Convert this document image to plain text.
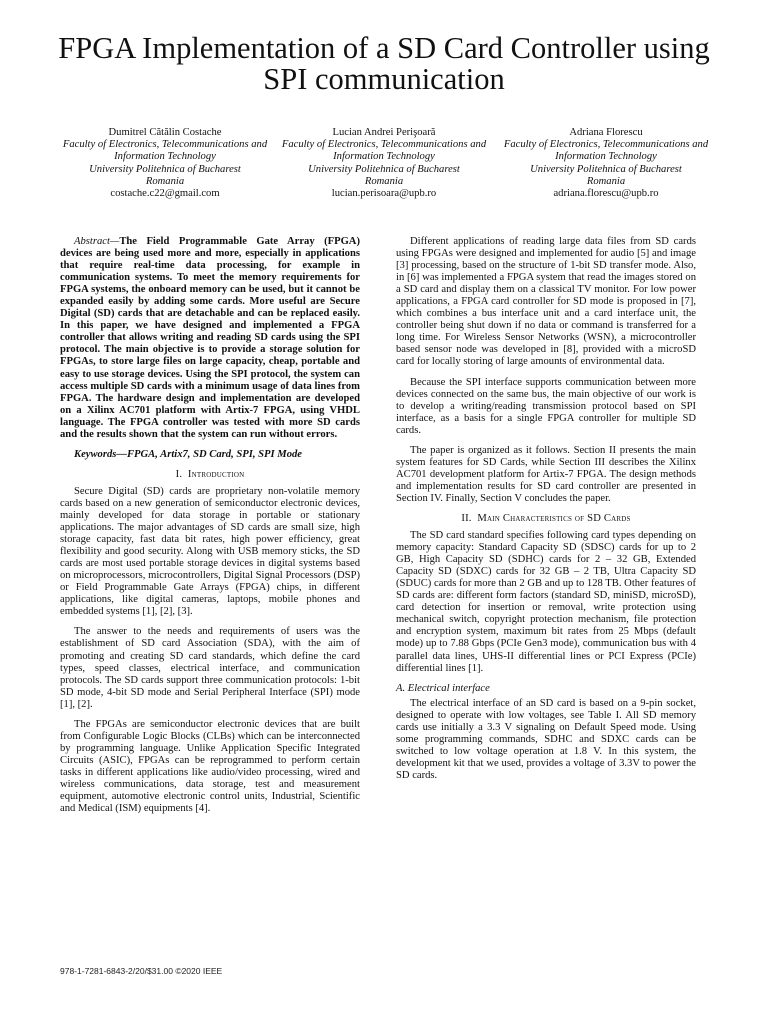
FPGA Implementation of a SD Card Controller using SPI communication
Dumitrel Cătălin Costache
Faculty of Electronics, Telecommunications and Information Technology
University Politehnica of Bucharest
Romania
costache.c22@gmail.com
Lucian Andrei Perişoară
Faculty of Electronics, Telecommunications and Information Technology
University Politehnica of Bucharest
Romania
lucian.perisoara@upb.ro
Adriana Florescu
Faculty of Electronics, Telecommunications and Information Technology
University Politehnica of Bucharest
Romania
adriana.florescu@upb.ro

Abstract—The Field Programmable Gate Array (FPGA) devices are being used more and more, especially in applications that require real-time data processing, for example in communication systems. To meet the memory requirements for FPGA systems, the onboard memory can be used, but it cannot be expanded easily by adding some cards. More useful are Secure Digital (SD) cards that are detachable and can be replaced easily. In this paper, we have designed and implemented a FPGA controller that allows writing and reading SD cards using the SPI protocol. The main objective is to provide a storage solution for FPGAs, to store large files on large capacity, cheap, portable and easy to use storage devices. Using the SPI protocol, the system can access multiple SD cards with a minimum usage of data lines from FPGA. The hardware design and implementation are developed on a Xilinx AC701 platform with Artix-7 FPGA, using VHDL language. The FPGA controller was tested with more SD cards and the results shown that the system can run without errors.

Keywords—FPGA, Artix7, SD Card, SPI, SPI Mode

I. Introduction

Secure Digital (SD) cards are proprietary non-volatile memory cards based on a new generation of semiconductor electronic devices, mainly developed for data storage in portable or stationary applications. The major advantages of SD cards are small size, high storage capacity, fast data bit rates, high power efficiency, great flexibility and good security. Along with USB memory sticks, the SD cards are most used portable storage devices in digital systems based on microprocessors, microcontrollers, Digital Signal Processors (DSP) or Field Programmable Gate Arrays (FPGA) chips, in different applications, like digital cameras, laptops, mobile phones and embedded systems [1], [2], [3].

The answer to the needs and requirements of users was the establishment of SD card Association (SDA), with the aim of promoting and creating SD card standards, which define the card types, speed classes, electrical interface, and communication protocols. The SD cards support three communication protocols: 1-bit SD mode, 4-bit SD mode and Serial Peripheral Interface (SPI) mode [1], [2].

The FPGAs are semiconductor electronic devices that are built from Configurable Logic Blocks (CLBs) which can be interconnected by programming language. Unlike Application Specific Integrated Circuits (ASIC), FPGAs can be reprogrammed to perform certain tasks in different applications like audio/video processing, wired and wireless communications, data storage, test and measurement equipment, automotive electronic control units, Industrial, Scientific and Medical (ISM) equipments [4].

Different applications of reading large data files from SD cards using FPGAs were designed and implemented for audio [5] and image [3] processing, based on the structure of 1-bit SD transfer mode. Also, in [6] was implemented a FPGA system that read the images stored on a SD card and display them on a classical TV monitor. For low power applications, a FPGA card controller for SD mode is proposed in [7], which combines a bus interface unit and a card interface unit, the controller being shut down if no data or command is transferred for a long time. For Wireless Sensor Networks (WSN), a microcontroller based sensor node was developed in [8], provided with a microSD card for locally storing of large amounts of environmental data.

Because the SPI interface supports communication between more devices connected on the same bus, the main objective of our work is to develop a writing/reading transmission protocol based on SPI interface, as a basis for a single FPGA controller for multiple SD cards.

The paper is organized as it follows. Section II presents the main system features for SD Cards, while Section III describes the Xilinx AC701 development platform for Artix-7 FPGA. The design methods and implementation results for SD card controller are presented in Section IV. Finally, Section V concludes the paper.

II. Main Characteristics of SD Cards

The SD card standard specifies following card types depending on memory capacity: Standard Capacity SD (SDSC) cards for up to 2 GB, High Capacity SD (SDHC) cards for 2 – 32 GB, Extended Capacity SD (SDXC) cards for 32 GB – 2 TB, Ultra Capacity SD (SDUC) cards for more than 2 GB and up to 128 TB. Other features of SD cards are: different form factors (standard SD, miniSD, microSD), card detection for insertion or removal, write protection using mechanical switch, copyright protection mechanism, file protection and encryption system, maximum bit rates from 25 Mbps (default mode) up to 7.88 Gbps (PCIe Gen3 mode), communication bus with 4 parallel data lines, UHS-II differential lines or PCI Express (PCIe) differential lines [1].

A. Electrical interface

The electrical interface of an SD card is based on a 9-pin socket, designed to operate with low voltages, see Table I. All SD memory cards use initially a 3.3 V signaling on Default Speed mode. Using some programming commands, SDHC and SDXC cards can be switched to low voltage operation at 1.8 V. In this system, the development kit that we used, provides a voltage of 3.3V to power the SD cards.

978-1-7281-6843-2/20/$31.00 ©2020 IEEE
